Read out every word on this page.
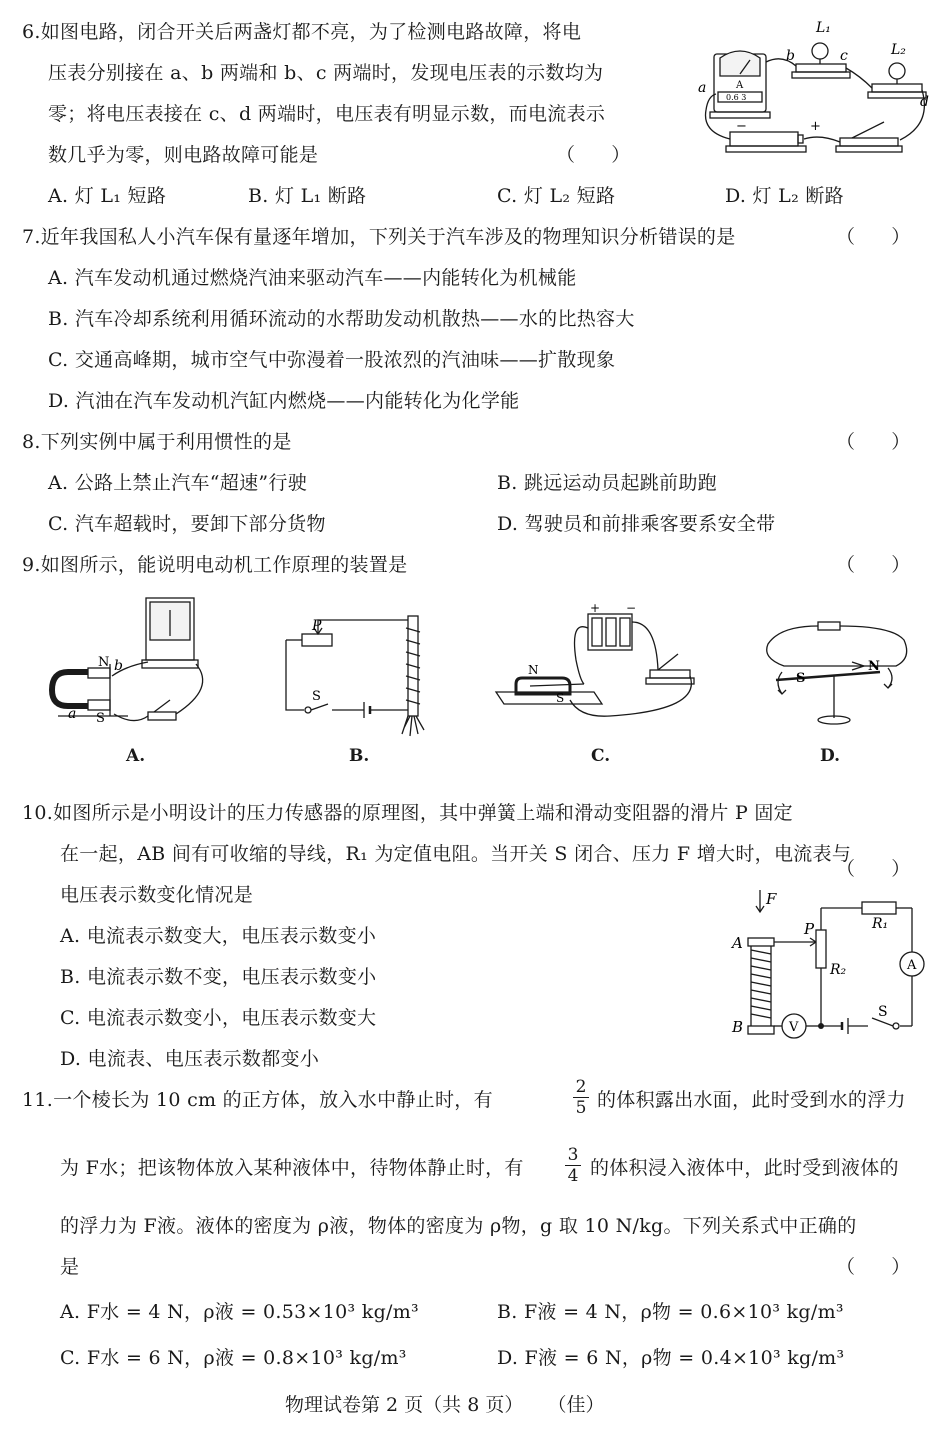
6.如图电路，闭合开关后两盏灯都不亮，为了检测电路故障，将电
压表分别接在 a、b 两端和 b、c 两端时，发现电压表的示数均为
零；将电压表接在 c、d 两端时，电压表有明显示数，而电流表示
数几乎为零，则电路故障可能是	（      ）
A. 灯 L₁ 短路	B. 灯 L₁ 断路	C. 灯 L₂ 短路	D. 灯 L₂ 断路
L₁
L₂
a
b	c
d
−	+
A
0.6 3
7.近年我国私人小汽车保有量逐年增加，下列关于汽车涉及的物理知识分析错误的是	（      ）
A. 汽车发动机通过燃烧汽油来驱动汽车——内能转化为机械能
B. 汽车冷却系统利用循环流动的水帮助发动机散热——水的比热容大
C. 交通高峰期，城市空气中弥漫着一股浓烈的汽油味——扩散现象
D. 汽油在汽车发动机汽缸内燃烧——内能转化为化学能
8.下列实例中属于利用惯性的是	（      ）
A. 公路上禁止汽车“超速”行驶	B. 跳远运动员起跳前助跑
C. 汽车超载时，要卸下部分货物	D. 驾驶员和前排乘客要系安全带
9.如图所示，能说明电动机工作原理的装置是	（      ）
N b
a S
A.
P
S
B.
N
S
+ −
C.
S
N
D.
10.如图所示是小明设计的压力传感器的原理图，其中弹簧上端和滑动变阻器的滑片 P 固定
在一起，AB 间有可收缩的导线，R₁ 为定值电阻。当开关 S 闭合、压力 F 增大时，电流表与
电压表示数变化情况是
（      ）
A. 电流表示数变大，电压表示数变小
B. 电流表示数不变，电压表示数变小
C. 电流表示数变小，电压表示数变大
D. 电流表、电压表示数都变小
F
A
B
P	R₁
R₂	A
V
S
11.一个棱长为 10 cm 的正方体，放入水中静止时，有
2
5 的体积露出水面，此时受到水的浮力
为 F水；把该物体放入某种液体中，待物体静止时，有
3
4 的体积浸入液体中，此时受到液体的
的浮力为 F液。液体的密度为 ρ液，物体的密度为 ρ物，g 取 10 N/kg。下列关系式中正确的
是	（      ）
A. F水 = 4 N，ρ液 = 0.53×10³ kg/m³	B. F液 = 4 N，ρ物 = 0.6×10³ kg/m³
C. F水 = 6 N，ρ液 = 0.8×10³ kg/m³	D. F液 = 6 N，ρ物 = 0.4×10³ kg/m³
物理试卷第 2 页（共 8 页）    （佳）
